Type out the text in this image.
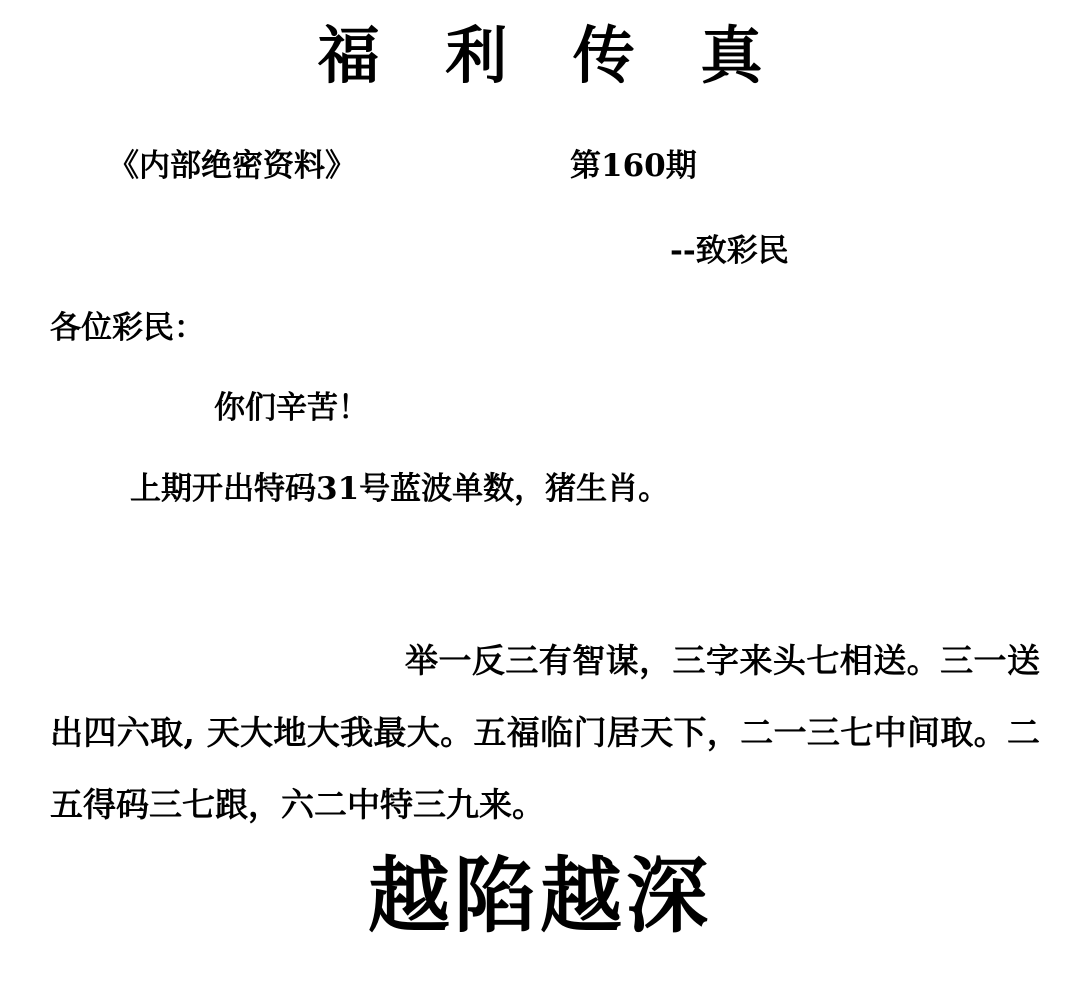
福 利 传 真
《内部绝密资料》	第160期
--致彩民
各位彩民：
你们辛苦！
上期开出特码31号蓝波单数，猪生肖。
举一反三有智谋，三字来头七相送。三一送出四六取, 天大地大我最大。五福临门居天下，二一三七中间取。二五得码三七跟，六二中特三九来。
越陷越深
